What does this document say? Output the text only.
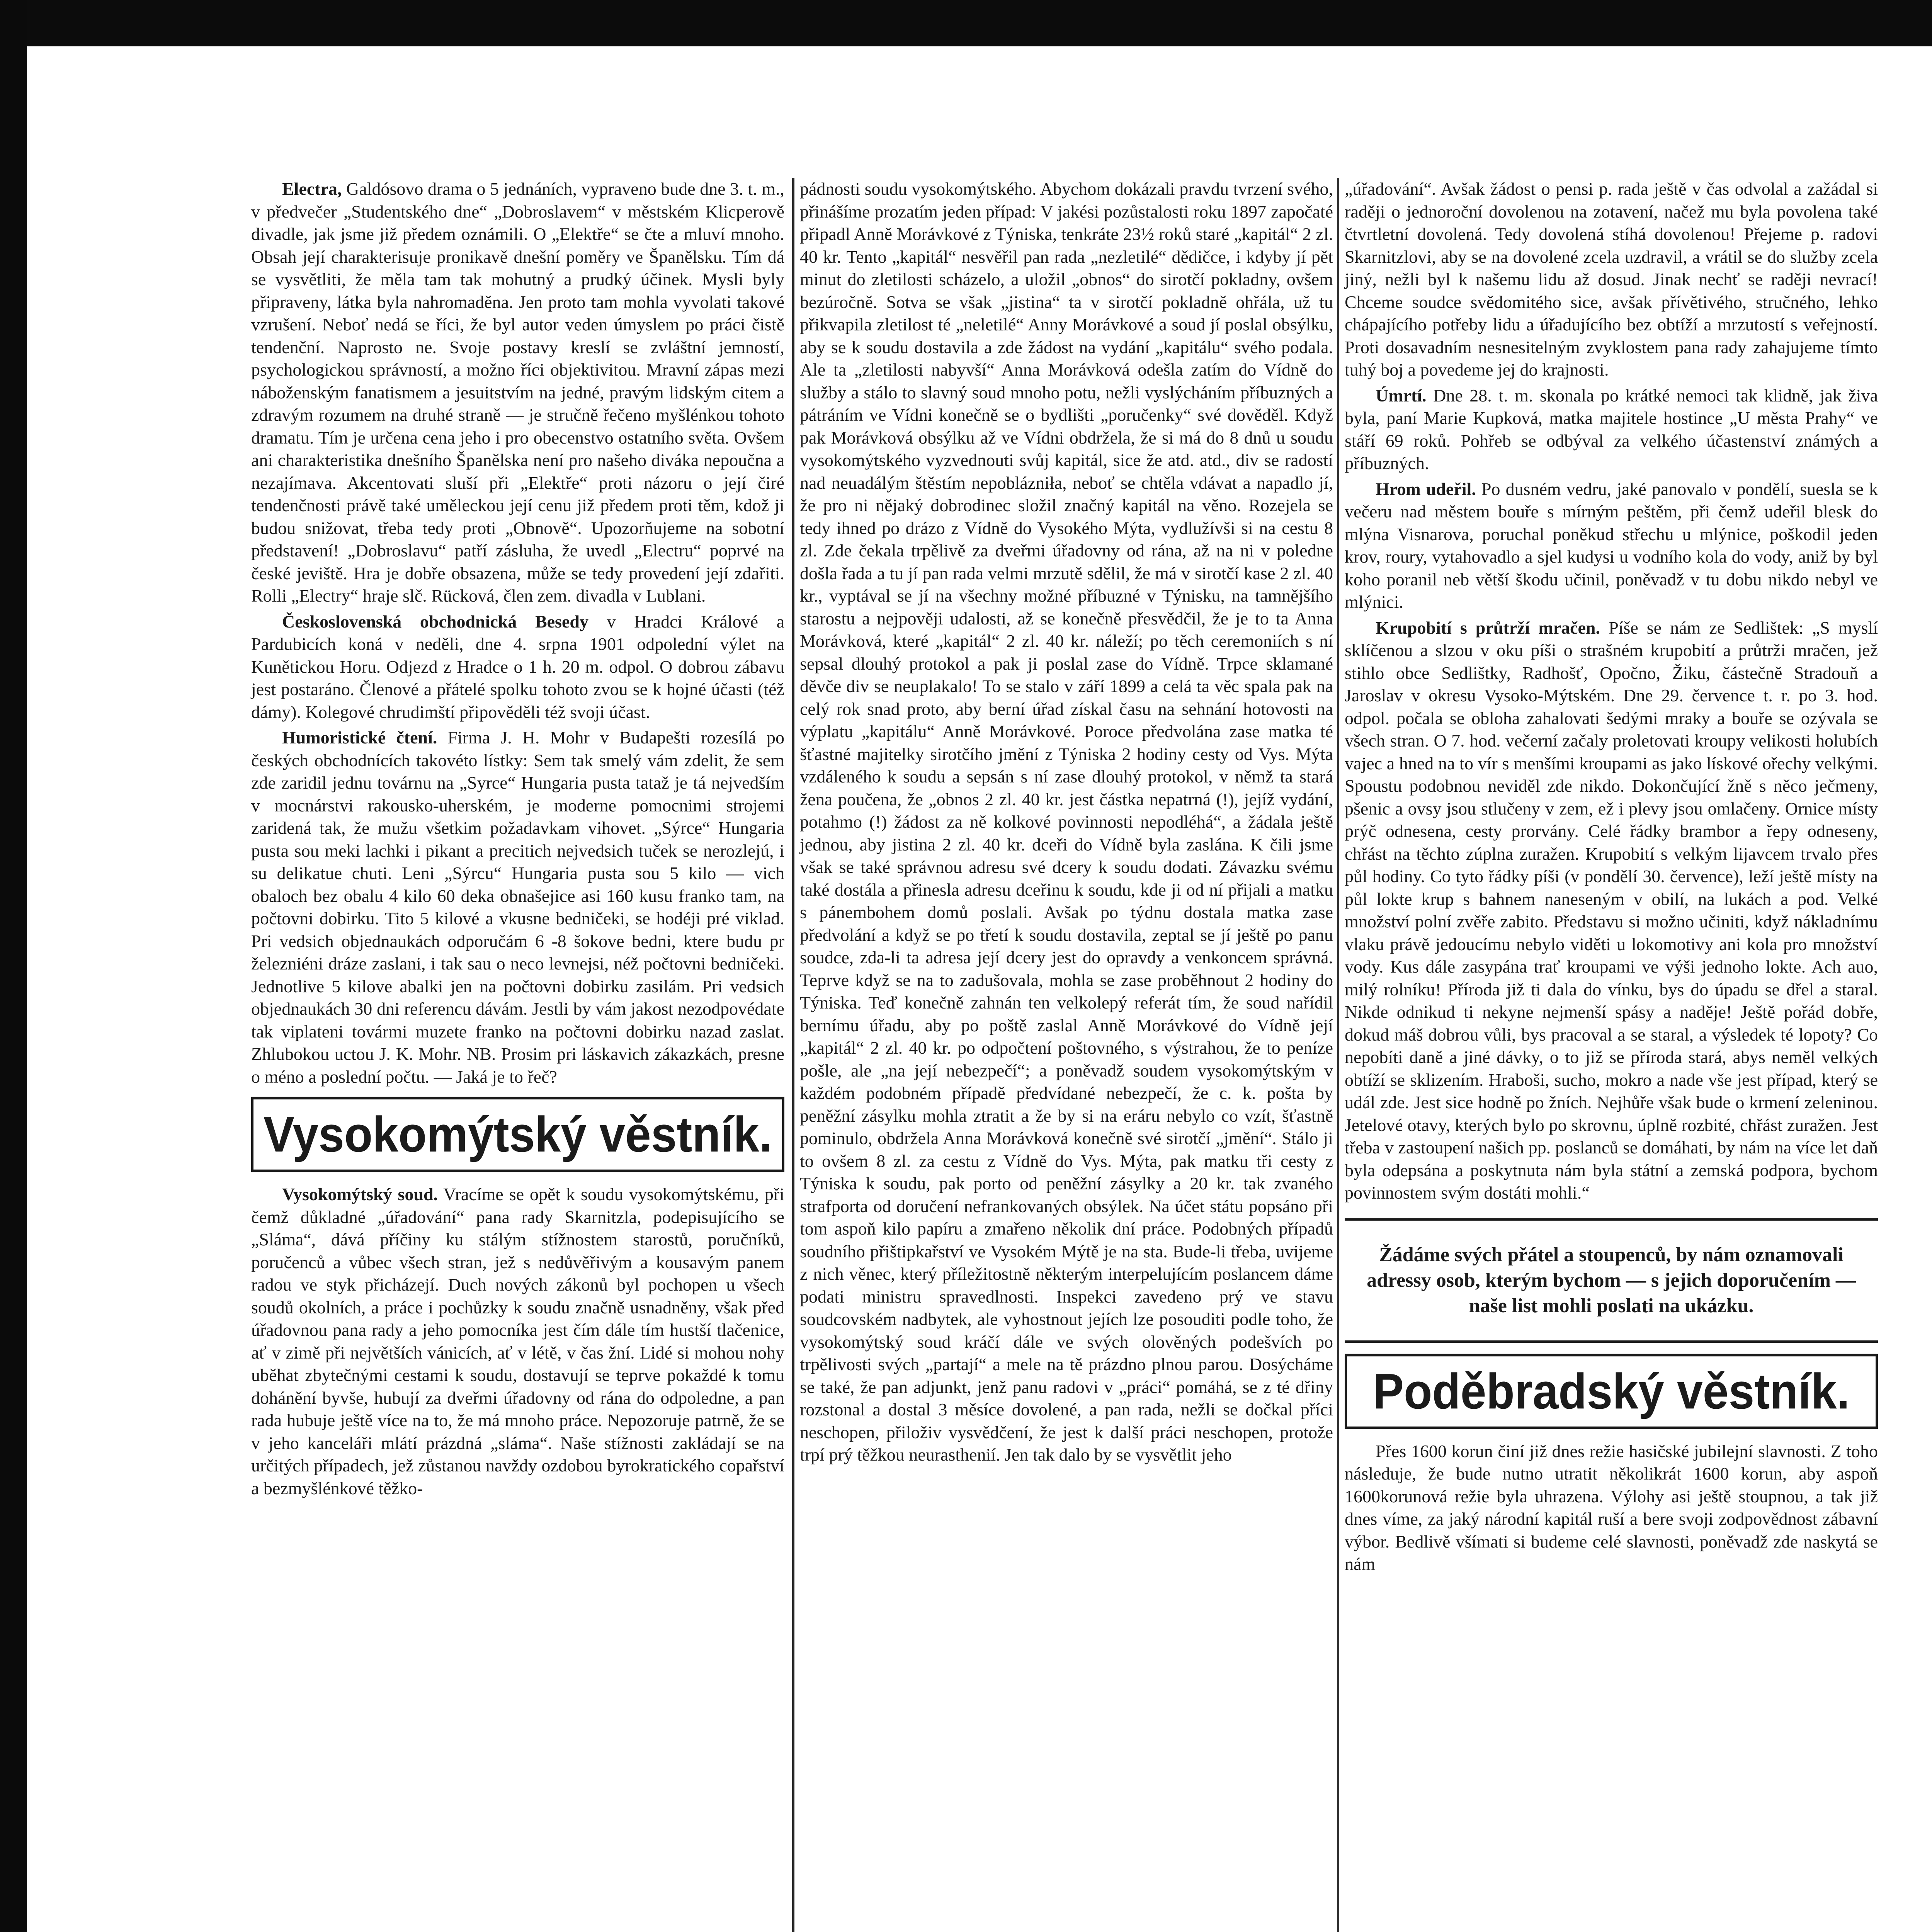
Electra, Galdósovo drama o 5 jednáních, vypraveno bude dne 3. t. m., v předvečer „Studentského dne“ „Dobroslavem“ v městském Klicperově divadle, jak jsme již předem oznámili. O „Elektře“ se čte a mluví mnoho. Obsah její charakterisuje pronikavě dnešní poměry ve Španělsku. Tím dá se vysvětliti, že měla tam tak mohutný a prudký účinek. Mysli byly připraveny, látka byla nahromaděna. Jen proto tam mohla vyvolati takové vzrušení. Neboť nedá se říci, že byl autor veden úmyslem po práci čistě tendenční. Naprosto ne. Svoje postavy kreslí se zvláštní jemností, psychologickou správností, a možno říci objektivitou. Mravní zápas mezi náboženským fanatismem a jesuitstvím na jedné, pravým lidským citem a zdravým rozumem na druhé straně — je stručně řečeno myšlénkou tohoto dramatu. Tím je určena cena jeho i pro obecenstvo ostatního světa. Ovšem ani charakteristika dnešního Španělska není pro našeho diváka nepoučna a nezajímava. Akcentovati sluší při „Elektře“ proti názoru o její čiré tendenčnosti právě také uměleckou její cenu již předem proti těm, kdož ji budou snižovat, třeba tedy proti „Obnově“. Upozorňujeme na sobotní představení! „Dobroslavu“ patří zásluha, že uvedl „Electru“ poprvé na české jeviště. Hra je dobře obsazena, může se tedy provedení její zdařiti. Rolli „Electry“ hraje slč. Rücková, člen zem. divadla v Lublani.

Československá obchodnická Besedy v Hradci Králové a Pardubicích koná v neděli, dne 4. srpna 1901 odpolední výlet na Kunětickou Horu. Odjezd z Hradce o 1 h. 20 m. odpol. O dobrou zábavu jest postaráno. Členové a přátelé spolku tohoto zvou se k hojné účasti (též dámy). Kolegové chrudimští připověděli též svoji účast.

Humoristické čtení. Firma J. H. Mohr v Budapešti rozesílá po českých obchodnících takovéto lístky: Sem tak smelý vám zdelit, že sem zde zaridil jednu továrnu na „Syrce“ Hungaria pusta tataž je tá nejvedším v mocnárstvi rakousko-uherském, je moderne pomocnimi strojemi zaridená tak, že mužu všetkim požadavkam vihovet. „Sýrce“ Hungaria pusta sou meki lachki i pikant a precitich nejvedsich tuček se nerozlejú, i su delikatue chuti. Leni „Sýrcu“ Hungaria pusta sou 5 kilo — vich obaloch bez obalu 4 kilo 60 deka obnašejice asi 160 kusu franko tam, na počtovni dobirku. Tito 5 kilové a vkusne bedničeki, se hodéji pré viklad. Pri vedsich objednaukách odporučám 6 -8 šokove bedni, ktere budu pr železniéni dráze zaslani, i tak sau o neco levnejsi, néž počtovni bedničeki. Jednotlive 5 kilove abalki jen na počtovni dobirku zasilám. Pri vedsich objednaukách 30 dni referencu dávám. Jestli by vám jakost nezodpovédate tak viplateni tovármi muzete franko na počtovni dobirku nazad zaslat. Zhlubokou uctou J. K. Mohr. NB. Prosim pri láskavich zákazkách, presne o méno a poslední počtu. — Jaká je to řeč?

Vysokomýtský věstník.

Vysokomýtský soud. Vracíme se opět k soudu vysokomýtskému, při čemž důkladné „úřadování“ pana rady Skarnitzla, podepisujícího se „Sláma“, dává příčiny ku stálým stížnostem starostů, poručníků, poručenců a vůbec všech stran, jež s nedůvěřivým a kousavým panem radou ve styk přicházejí. Duch nových zákonů byl pochopen u všech soudů okolních, a práce i pochůzky k soudu značně usnadněny, však před úřadovnou pana rady a jeho pomocníka jest čím dále tím hustší tlačenice, ať v zimě při největších vánicích, ať v létě, v čas žní. Lidé si mohou nohy uběhat zbytečnými cestami k soudu, dostavují se teprve pokaždé k tomu dohánění byvše, hubují za dveřmi úřadovny od rána do odpoledne, a pan rada hubuje ještě více na to, že má mnoho práce. Nepozoruje patrně, že se v jeho kanceláři mlátí prázdná „sláma“. Naše stížnosti zakládají se na určitých případech, jež zůstanou navždy ozdobou byrokratického copařství a bezmyšlénkové těžko-

pádnosti soudu vysokomýtského. Abychom dokázali pravdu tvrzení svého, přinášíme prozatím jeden případ: V jakési pozůstalosti roku 1897 započaté připadl Anně Morávkové z Týniska, tenkráte 23½ roků staré „kapitál“ 2 zl. 40 kr. Tento „kapitál“ nesvěřil pan rada „nezletilé“ dědičce, i kdyby jí pět minut do zletilosti scházelo, a uložil „obnos“ do sirotčí pokladny, ovšem bezúročně. Sotva se však „jistina“ ta v sirotčí pokladně ohřála, už tu přikvapila zletilost té „neletilé“ Anny Morávkové a soud jí poslal obsýlku, aby se k soudu dostavila a zde žádost na vydání „kapitálu“ svého podala. Ale ta „zletilosti nabyvší“ Anna Morávková odešla zatím do Vídně do služby a stálo to slavný soud mnoho potu, nežli vyslýcháním příbuzných a pátráním ve Vídni konečně se o bydlišti „poručenky“ své dověděl. Když pak Morávková obsýlku až ve Vídni obdržela, že si má do 8 dnů u soudu vysokomýtského vyzvednouti svůj kapitál, sice že atd. atd., div se radostí nad neuadálým štěstím nepoblázniła, neboť se chtěla vdávat a napadlo jí, že pro ni nějaký dobrodinec složil značný kapitál na věno. Rozejela se tedy ihned po drázo z Vídně do Vysokého Mýta, vydlužívši si na cestu 8 zl. Zde čekala trpělivě za dveřmi úřadovny od rána, až na ni v poledne došla řada a tu jí pan rada velmi mrzutě sdělil, že má v sirotčí kase 2 zl. 40 kr., vyptával se jí na všechny možné příbuzné v Týnisku, na tamnějšího starostu a nejpověji udalosti, až se konečně přesvědčil, že je to ta Anna Morávková, které „kapitál“ 2 zl. 40 kr. náleží; po těch ceremoniích s ní sepsal dlouhý protokol a pak ji poslal zase do Vídně. Trpce sklamané děvče div se neuplakalo! To se stalo v září 1899 a celá ta věc spala pak na celý rok snad proto, aby berní úřad získal času na sehnání hotovosti na výplatu „kapitálu“ Anně Morávkové. Poroce předvolána zase matka té šťastné majitelky sirotčího jmění z Týniska 2 hodiny cesty od Vys. Mýta vzdáleného k soudu a sepsán s ní zase dlouhý protokol, v němž ta stará žena poučena, že „obnos 2 zl. 40 kr. jest částka nepatrná (!), jejíž vydání, potahmo (!) žádost za ně kolkové povinnosti nepodléhá“, a žádala ještě jednou, aby jistina 2 zl. 40 kr. dceři do Vídně byla zaslána. K čili jsme však se také správnou adresu své dcery k soudu dodati. Závazku svému také dostála a přinesla adresu dceřinu k soudu, kde ji od ní přijali a matku s pánembohem domů poslali. Avšak po týdnu dostala matka zase předvolání a když se po třetí k soudu dostavila, zeptal se jí ještě po panu soudce, zda-li ta adresa její dcery jest do opravdy a venkoncem správná. Teprve když se na to zadušovala, mohla se zase proběhnout 2 hodiny do Týniska. Teď konečně zahnán ten velkolepý referát tím, že soud nařídil bernímu úřadu, aby po poště zaslal Anně Morávkové do Vídně její „kapitál“ 2 zl. 40 kr. po odpočtení poštovného, s výstrahou, že to peníze pošle, ale „na její nebezpečí“; a poněvadž soudem vysokomýtským v každém podobném případě předvídané nebezpečí, že c. k. pošta by peněžní zásylku mohla ztratit a že by si na eráru nebylo co vzít, šťastně pominulo, obdržela Anna Morávková konečně své sirotčí „jmění“. Stálo ji to ovšem 8 zl. za cestu z Vídně do Vys. Mýta, pak matku tři cesty z Týniska k soudu, pak porto od peněžní zásylky a 20 kr. tak zvaného strafporta od doručení nefrankovaných obsýlek. Na účet státu popsáno při tom aspoň kilo papíru a zmařeno několik dní práce. Podobných případů soudního přištipkařství ve Vysokém Mýtě je na sta. Bude-li třeba, uvijeme z nich věnec, který příležitostně některým interpelujícím poslancem dáme podati ministru spravedlnosti. Inspekci zavedeno prý ve stavu soudcovském nadbytek, ale vyhostnout jejích lze posouditi podle toho, že vysokomýtský soud kráčí dále ve svých olověných podešvích po trpělivosti svých „partají“ a mele na tě prázdno plnou parou. Dosýcháme se také, že pan adjunkt, jenž panu radovi v „práci“ pomáhá, se z té dřiny rozstonal a dostal 3 měsíce dovolené, a pan rada, nežli se dočkal příci neschopen, přiloživ vysvědčení, že jest k další práci neschopen, protože trpí prý těžkou neurasthenií. Jen tak dalo by se vysvětlit jeho

„úřadování“. Avšak žádost o pensi p. rada ještě v čas odvolal a zažádal si raději o jednoroční dovolenou na zotavení, načež mu byla povolena také čtvrtletní dovolená. Tedy dovolená stíhá dovolenou! Přejeme p. radovi Skarnitzlovi, aby se na dovolené zcela uzdravil, a vrátil se do služby zcela jiný, nežli byl k našemu lidu až dosud. Jinak nechť se raději nevrací! Chceme soudce svědomitého sice, avšak přívětivého, stručného, lehko chápajícího potřeby lidu a úřadujícího bez obtíží a mrzutostí s veřejností. Proti dosavadním nesnesitelným zvyklostem pana rady zahajujeme tímto tuhý boj a povedeme jej do krajnosti.

Úmrtí. Dne 28. t. m. skonala po krátké nemoci tak klidně, jak živa byla, paní Marie Kupková, matka majitele hostince „U města Prahy“ ve stáří 69 roků. Pohřeb se odbýval za velkého účastenství známých a příbuzných.

Hrom udeřil. Po dusném vedru, jaké panovalo v pondělí, suesla se k večeru nad městem bouře s mírným peštěm, při čemž udeřil blesk do mlýna Visnarova, poruchal poněkud střechu u mlýnice, poškodil jeden krov, roury, vytahovadlo a sjel kudysi u vodního kola do vody, aniž by byl koho poranil neb větší škodu učinil, poněvadž v tu dobu nikdo nebyl ve mlýnici.

Krupobití s průtrží mračen. Píše se nám ze Sedlištek: „S myslí sklíčenou a slzou v oku píši o strašném krupobití a průtrži mračen, jež stihlo obce Sedlištky, Radhošť, Opočno, Žiku, částečně Stradouň a Jaroslav v okresu Vysoko-Mýtském. Dne 29. července t. r. po 3. hod. odpol. počala se obloha zahalovati šedými mraky a bouře se ozývala se všech stran. O 7. hod. večerní začaly proletovati kroupy velikosti holubích vajec a hned na to vír s menšími kroupami as jako lískové ořechy velkými. Spoustu podobnou neviděl zde nikdo. Dokončující žně s něco ječmeny, pšenic a ovsy jsou stlučeny v zem, ež i plevy jsou omlačeny. Ornice místy prýč odnesena, cesty prorvány. Celé řádky brambor a řepy odneseny, chřást na těchto zúplna zuražen. Krupobití s velkým lijavcem trvalo přes půl hodiny. Co tyto řádky píši (v pondělí 30. července), leží ještě místy na půl lokte krup s bahnem naneseným v obilí, na lukách a pod. Velké množství polní zvěře zabito. Představu si možno učiniti, když nákladnímu vlaku právě jedoucímu nebylo viděti u lokomotivy ani kola pro množství vody. Kus dále zasypána trať kroupami ve výši jednoho lokte. Ach auo, milý rolníku! Příroda již ti dala do vínku, bys do úpadu se dřel a staral. Nikde odnikud ti nekyne nejmenší spásy a naděje! Ještě pořád dobře, dokud máš dobrou vůli, bys pracoval a se staral, a výsledek té lopoty? Co nepobíti daně a jiné dávky, o to již se příroda stará, abys neměl velkých obtíží se sklizením. Hraboši, sucho, mokro a nade vše jest případ, který se udál zde. Jest sice hodně po žních. Nejhůře však bude o krmení zeleninou. Jetelové otavy, kterých bylo po skrovnu, úplně rozbité, chřást zuražen. Jest třeba v zastoupení našich pp. poslanců se domáhati, by nám na více let daň byla odepsána a poskytnuta nám byla státní a zemská podpora, bychom povinnostem svým dostáti mohli.“

Žádáme svých přátel a stoupenců, by nám oznamovali adressy osob, kterým bychom — s jejich doporučením — naše list mohli poslati na ukázku.
Poděbradský věstník.

Přes 1600 korun činí již dnes režie hasičské jubilejní slavnosti. Z toho následuje, že bude nutno utratit několikrát 1600 korun, aby aspoň 1600korunová režie byla uhrazena. Výlohy asi ještě stoupnou, a tak již dnes víme, za jaký národní kapitál ruší a bere svoji zodpovědnost zábavní výbor. Bedlivě všímati si budeme celé slavnosti, poněvadž zde naskytá se nám
